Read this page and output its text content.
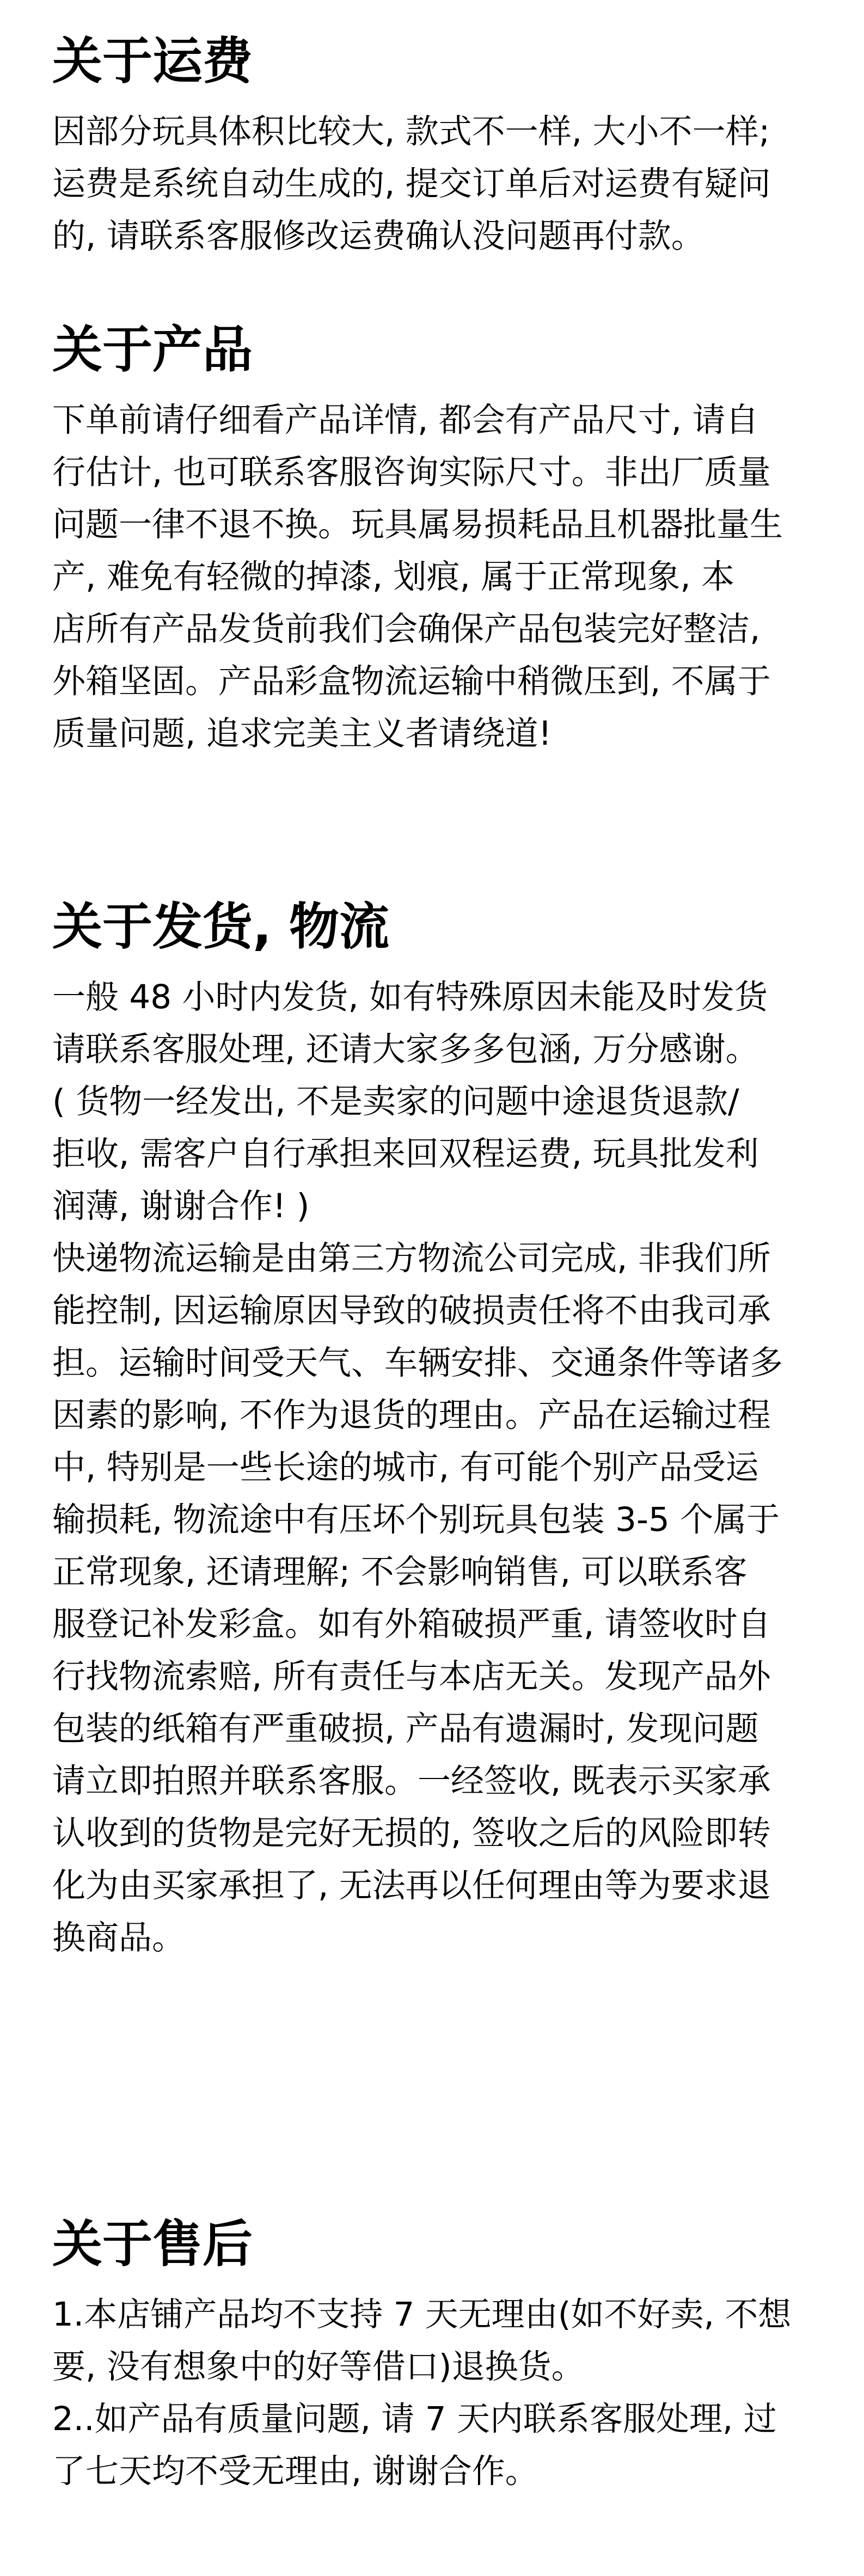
关于运费

因部分玩具体积比较大, 款式不一样, 大小不一样;
运费是系统自动生成的, 提交订单后对运费有疑问
的, 请联系客服修改运费确认没问题再付款。

关于产品

下单前请仔细看产品详情, 都会有产品尺寸, 请自
行估计, 也可联系客服咨询实际尺寸。非出厂质量
问题一律不退不换。玩具属易损耗品且机器批量生
产, 难免有轻微的掉漆, 划痕, 属于正常现象, 本
店所有产品发货前我们会确保产品包装完好整洁,
外箱坚固。产品彩盒物流运输中稍微压到, 不属于
质量问题, 追求完美主义者请绕道!

关于发货, 物流

一般 48 小时内发货, 如有特殊原因未能及时发货
请联系客服处理, 还请大家多多包涵, 万分感谢。
( 货物一经发出, 不是卖家的问题中途退货退款/
拒收, 需客户自行承担来回双程运费, 玩具批发利
润薄, 谢谢合作! )

快递物流运输是由第三方物流公司完成, 非我们所
能控制, 因运输原因导致的破损责任将不由我司承
担。运输时间受天气、车辆安排、交通条件等诸多
因素的影响, 不作为退货的理由。产品在运输过程
中, 特别是一些长途的城市, 有可能个别产品受运
输损耗, 物流途中有压坏个别玩具包装 3-5 个属于
正常现象, 还请理解; 不会影响销售, 可以联系客
服登记补发彩盒。如有外箱破损严重, 请签收时自
行找物流索赔, 所有责任与本店无关。发现产品外
包装的纸箱有严重破损, 产品有遗漏时, 发现问题
请立即拍照并联系客服。一经签收, 既表示买家承
认收到的货物是完好无损的, 签收之后的风险即转
化为由买家承担了, 无法再以任何理由等为要求退
换商品。

关于售后

1.本店铺产品均不支持 7 天无理由(如不好卖, 不想
要, 没有想象中的好等借口)退换货。

2..如产品有质量问题, 请 7 天内联系客服处理, 过
了七天均不受无理由, 谢谢合作。
